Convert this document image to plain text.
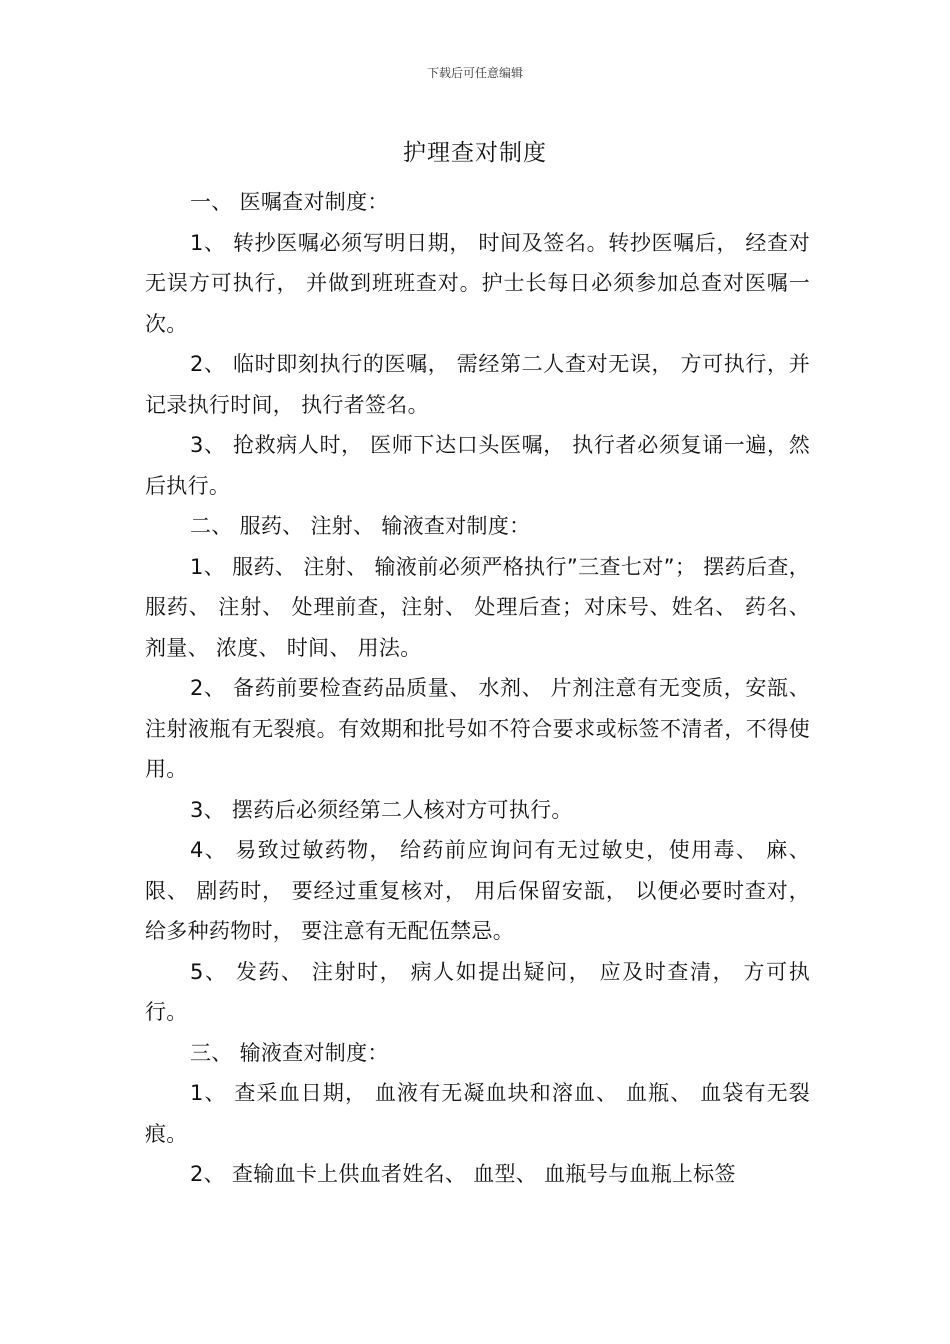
下载后可任意编辑
护理查对制度

一、 医嘱查对制度：

1、 转抄医嘱必须写明日期， 时间及签名。转抄医嘱后， 经查对无误方可执行， 并做到班班查对。护士长每日必须参加总查对医嘱一次。

2、 临时即刻执行的医嘱， 需经第二人查对无误， 方可执行，并记录执行时间， 执行者签名。

3、 抢救病人时， 医师下达口头医嘱， 执行者必须复诵一遍，然后执行。

二、 服药、 注射、 输液查对制度：

1、 服药、 注射、 输液前必须严格执行”三查七对”； 摆药后查，服药、 注射、 处理前查，注射、 处理后查；对床号、姓名、 药名、 剂量、 浓度、 时间、 用法。

2、 备药前要检查药品质量、 水剂、 片剂注意有无变质，安瓿、 注射液瓶有无裂痕。有效期和批号如不符合要求或标签不清者，不得使用。

3、 摆药后必须经第二人核对方可执行。

4、 易致过敏药物， 给药前应询问有无过敏史，使用毒、 麻、 限、 剧药时， 要经过重复核对， 用后保留安瓿， 以便必要时查对， 给多种药物时， 要注意有无配伍禁忌。

5、 发药、 注射时， 病人如提出疑问， 应及时查清， 方可执行。

三、 输液查对制度：

1、 查采血日期， 血液有无凝血块和溶血、 血瓶、 血袋有无裂痕。

2、 查输血卡上供血者姓名、 血型、 血瓶号与血瓶上标签
